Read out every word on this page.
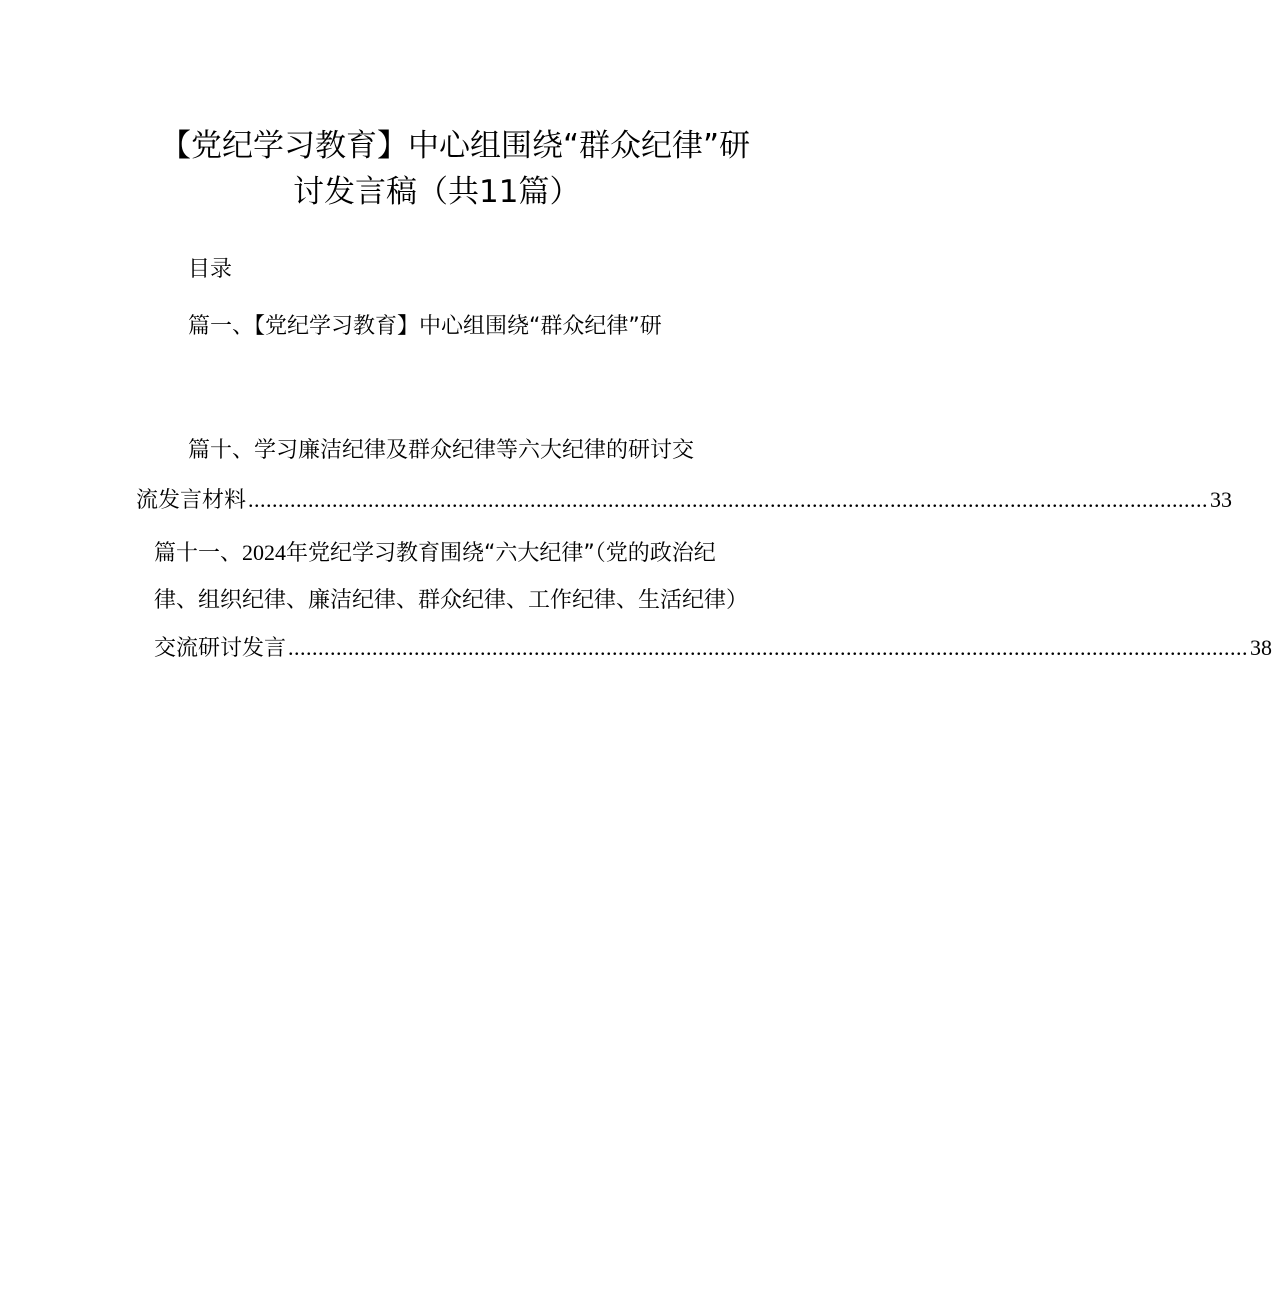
【党纪学习教育】中心组围绕“群众纪律”研
讨发言稿（共11篇）
目录
篇一、【党纪学习教育】中心组围绕“群众纪律”研
篇十、学习廉洁纪律及群众纪律等六大纪律的研讨交
流发言材料 ................................................................................................................................................................ 33
篇十一、2024年党纪学习教育围绕“六大纪律”（党的政治纪
律、组织纪律、廉洁纪律、群众纪律、工作纪律、生活纪律）
交流研讨发言 ................................................................................................................................................................ 38
